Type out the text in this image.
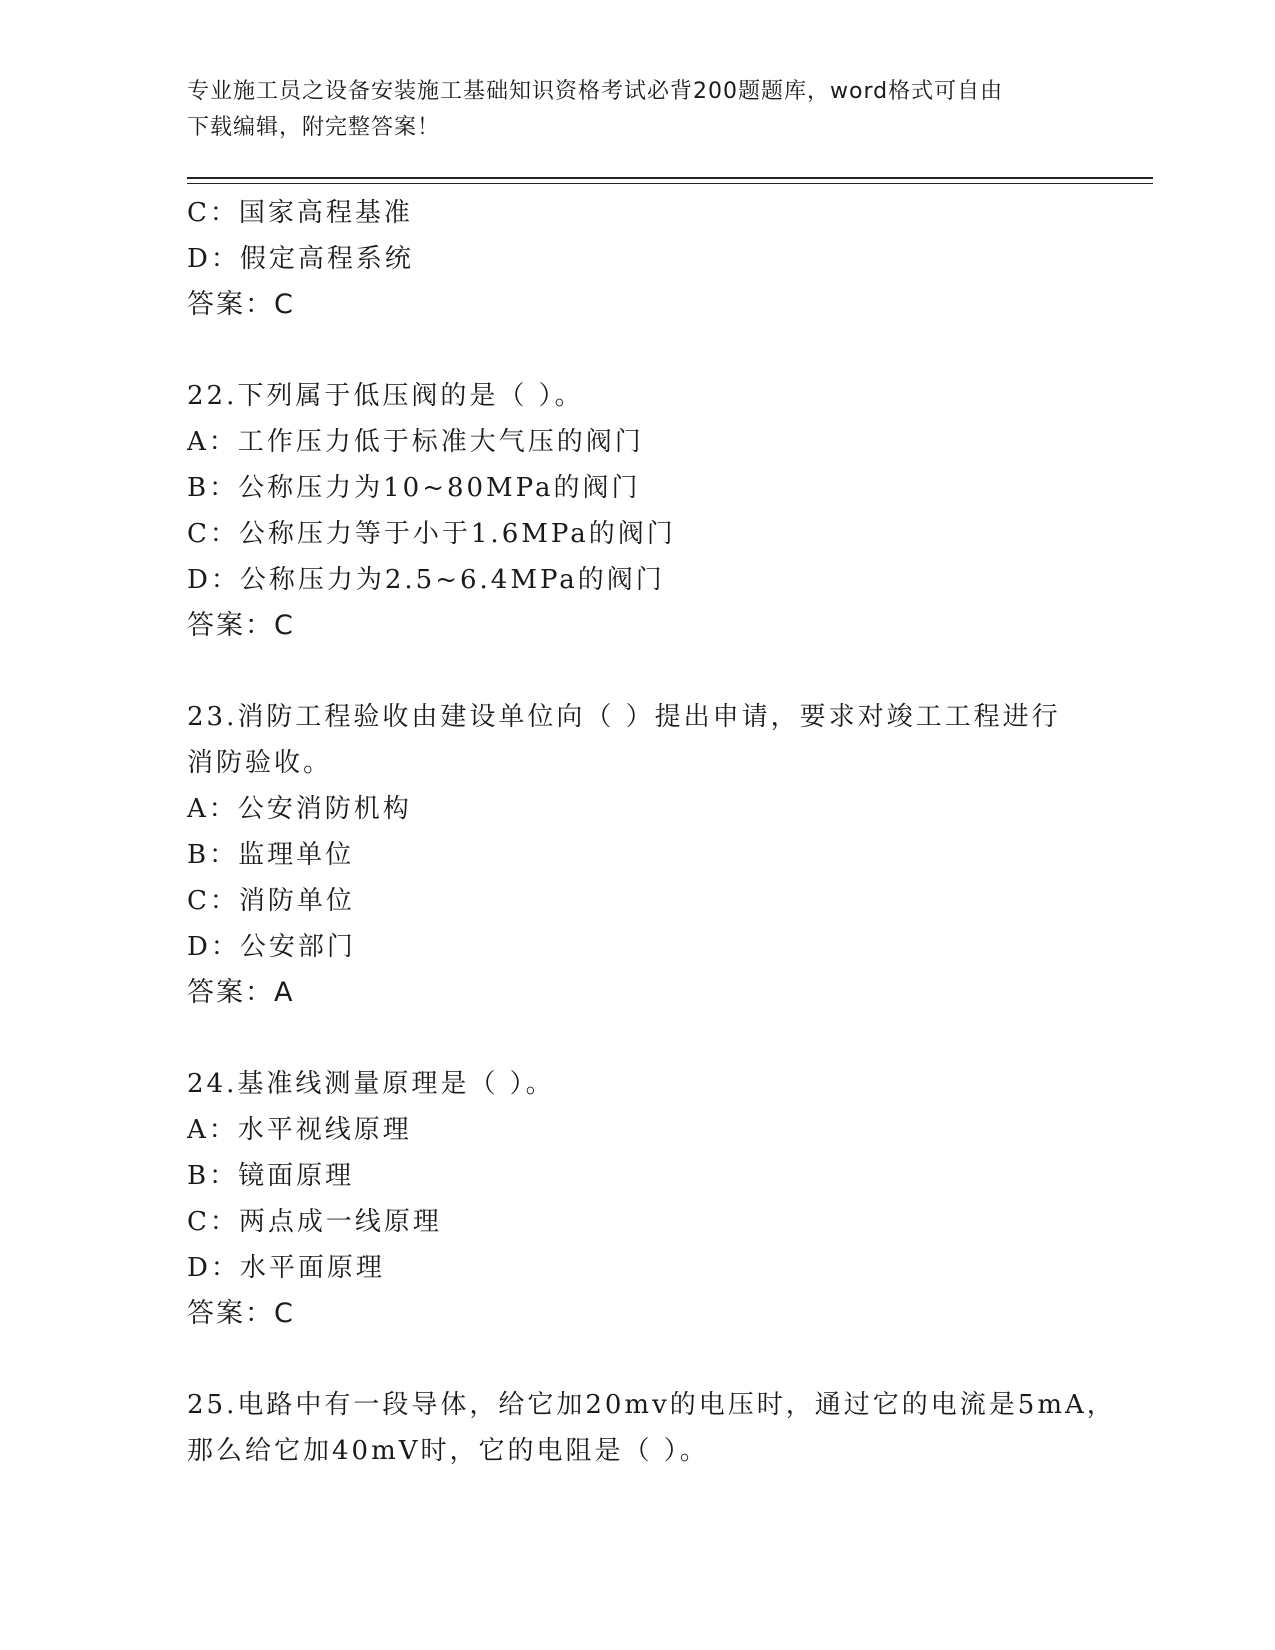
专业施工员之设备安装施工基础知识资格考试必背200题题库，word格式可自由
下载编辑，附完整答案！
C：国家高程基准
D：假定高程系统
答案：C
22.下列属于低压阀的是（ ）。
A：工作压力低于标准大气压的阀门
B：公称压力为10~80MPa的阀门
C：公称压力等于小于1.6MPa的阀门
D：公称压力为2.5~6.4MPa的阀门
答案：C
23.消防工程验收由建设单位向（ ）提出申请，要求对竣工工程进行
消防验收。
A：公安消防机构
B：监理单位
C：消防单位
D：公安部门
答案：A
24.基准线测量原理是（ ）。
A：水平视线原理
B：镜面原理
C：两点成一线原理
D：水平面原理
答案：C
25.电路中有一段导体，给它加20mv的电压时，通过它的电流是5mA，
那么给它加40mV时，它的电阻是（ ）。
